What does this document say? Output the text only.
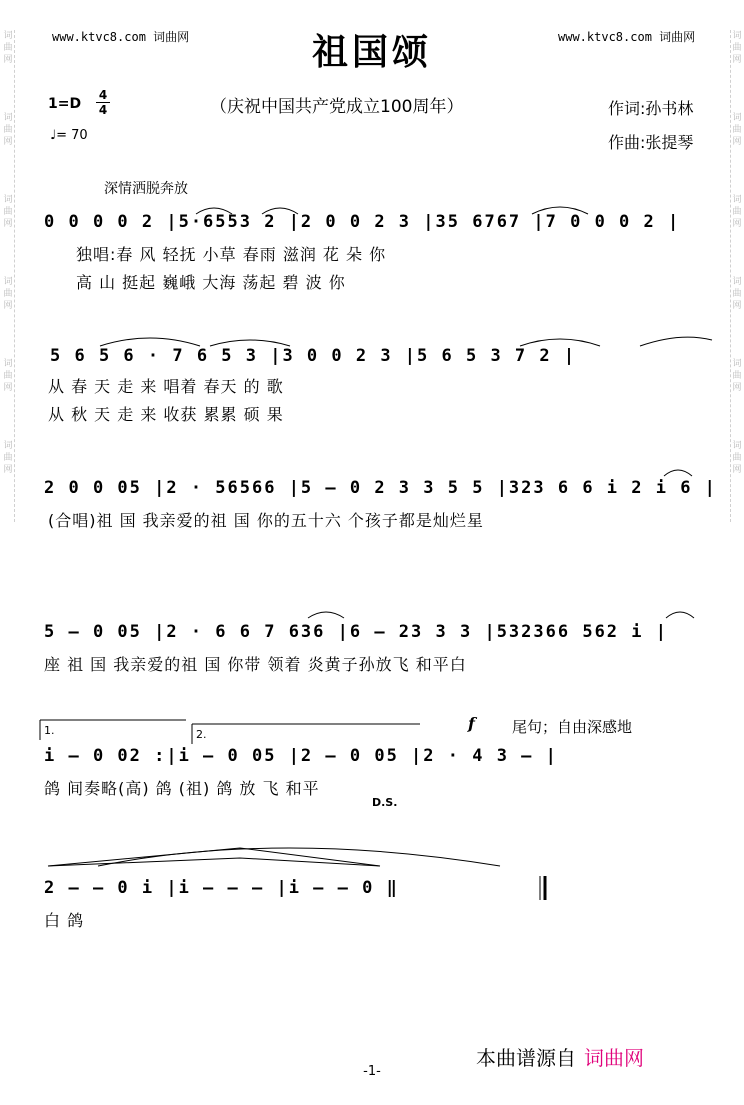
词
曲
网
词
曲
网
词
曲
网
词
曲
网
词
曲
网
词
曲
网
词
曲
网
词
曲
网
词
曲
网
词
曲
网
词
曲
网
词
曲
网
www.ktvc8.com 词曲网	www.ktvc8.com 词曲网
祖国颂
（庆祝中国共产党成立100周年）	作词:孙书林
作曲:张提琴
1=D
4
4
♩= 70
深情洒脱奔放
0 0 0 0 2 |5·6553 2 |2 0 0 2 3 |35 6767 |7 0 0 0 2 |
独唱:春 风 轻抚 小草 春雨 滋润 花 朵 你
高 山 挺起 巍峨 大海 荡起 碧 波 你
5 6 5 6 · 7 6 5 3 |3 0 0 2 3 |5 6 5 3 7 2 |
从 春 天 走 来 唱着 春天 的 歌
从 秋 天 走 来 收获 累累 硕 果
2 0 0 05 |2 · 56566 |5 – 0 2 3 3 5 5 |323 6 6 i 2 i 6 |
(合唱)祖 国 我亲爱的祖 国 你的五十六 个孩子都是灿烂星
5 – 0 05 |2 · 6 6 7 636 |6 – 23 3 3 |532366 562 i |
座 祖 国 我亲爱的祖 国 你带 领着 炎黄子孙放飞 和平白
1.	2.
f 尾句；自由深感地
i – 0 02 :|i – 0 05 |2 – 0 05 |2 · 4 3 – |
鸽 间奏略(高) 鸽 (祖) 鸽 放 飞 和平
D.S.
2 – – 0 i |i – – – |i – – 0 ‖
白 鸽
本曲谱源自 词曲网
-1-
